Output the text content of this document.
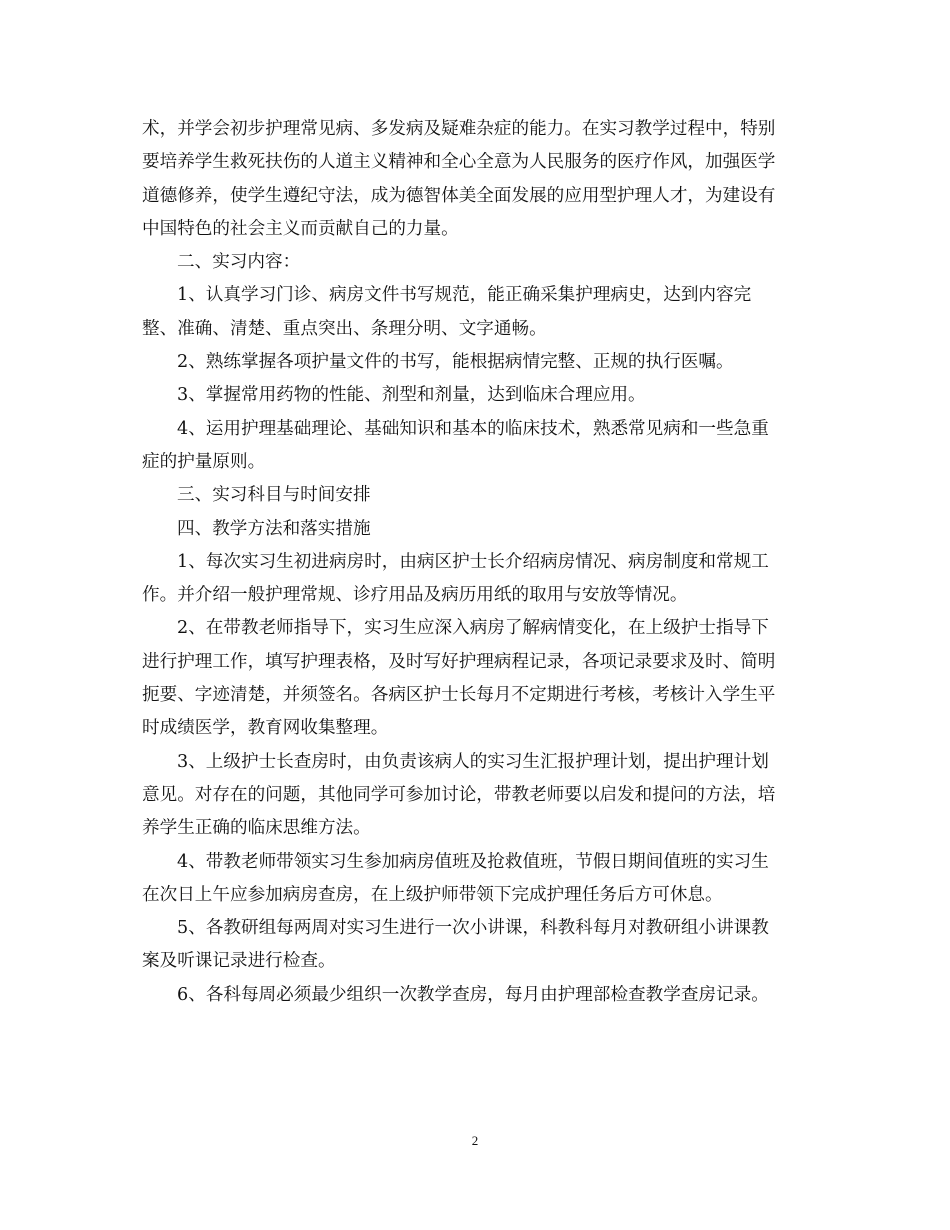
术，并学会初步护理常见病、多发病及疑难杂症的能力。在实习教学过程中，特别
要培养学生救死扶伤的人道主义精神和全心全意为人民服务的医疗作风，加强医学
道德修养，使学生遵纪守法，成为德智体美全面发展的应用型护理人才，为建设有
中国特色的社会主义而贡献自己的力量。
二、实习内容：
1、认真学习门诊、病房文件书写规范，能正确采集护理病史，达到内容完
整、准确、清楚、重点突出、条理分明、文字通畅。
2、熟练掌握各项护量文件的书写，能根据病情完整、正规的执行医嘱。
3、掌握常用药物的性能、剂型和剂量，达到临床合理应用。
4、运用护理基础理论、基础知识和基本的临床技术，熟悉常见病和一些急重
症的护量原则。
三、实习科目与时间安排
四、教学方法和落实措施
1、每次实习生初进病房时，由病区护士长介绍病房情况、病房制度和常规工
作。并介绍一般护理常规、诊疗用品及病历用纸的取用与安放等情况。
2、在带教老师指导下，实习生应深入病房了解病情变化，在上级护士指导下
进行护理工作，填写护理表格，及时写好护理病程记录，各项记录要求及时、简明
扼要、字迹清楚，并须签名。各病区护士长每月不定期进行考核，考核计入学生平
时成绩医学，教育网收集整理。
3、上级护士长查房时，由负责该病人的实习生汇报护理计划，提出护理计划
意见。对存在的问题，其他同学可参加讨论，带教老师要以启发和提问的方法，培
养学生正确的临床思维方法。
4、带教老师带领实习生参加病房值班及抢救值班，节假日期间值班的实习生
在次日上午应参加病房查房，在上级护师带领下完成护理任务后方可休息。
5、各教研组每两周对实习生进行一次小讲课，科教科每月对教研组小讲课教
案及听课记录进行检查。
6、各科每周必须最少组织一次教学查房，每月由护理部检查教学查房记录。
2
